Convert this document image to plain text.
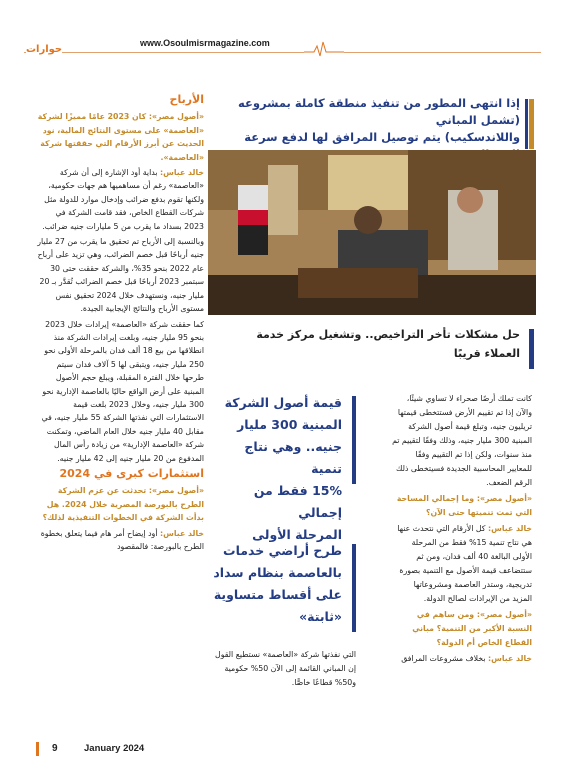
حوارات
www.Osoulmisrmagazine.com
إذا انتهى المطور من تنفيذ منطقة كاملة بمشروعه (تشمل المباني
واللاندسكيب) يتم توصيل المرافق لها لدفع سرعة
حل مشكلات تأخر التراخيص.. وتشغيل مركز خدمة
العملاء قريبًا
الأرباح

«أصول مصر»: كان 2023 عامًا مميزًا لشركة «العاصمة» على مستوى النتائج المالية، نود الحديث عن أبرز الأرقام التي حققتها شركة «العاصمة».

خالد عباس: بداية أود الإشارة إلى أن شركة «العاصمة» رغم أن مساهميها هم جهات حكومية، ولكنها تقوم بدفع ضرائب وإدخال موارد للدولة مثل شركات القطاع الخاص، فقد قامت الشركة في 2023 بسداد ما يقرب من 5 مليارات جنيه ضرائب.

وبالنسبة إلى الأرباح تم تحقيق ما يقرب من 27 مليار جنيه أرباحًا قبل خصم الضرائب، وهي تزيد على أرباح عام 2022 بنحو 35%، والشركة حققت حتى 30 سبتمبر 2023 أرباحًا قبل خصم الضرائب تُقدَّر بـ 20 مليار جنيه، ونستهدف خلال 2024 تحقيق نفس مستوى الأرباح والنتائج الإيجابية الجيدة.

كما حققت شركة «العاصمة» إيرادات خلال 2023 بنحو 95 مليار جنيه، وبلغت إيرادات الشركة منذ انطلاقها من بيع 18 ألف فدان بالمرحلة الأولى نحو 250 مليار جنيه، ويتبقى لها 5 آلاف فدان سيتم طرحها خلال الفترة المقبلة، ويبلغ حجم الأصول المبنية على أرض الواقع حاليًا بالعاصمة الإدارية نحو 300 مليار جنيه، وخلال 2023 بلغت قيمة الاستثمارات التي نفذتها الشركة 55 مليار جنيه، في مقابل 40 مليار جنيه خلال العام الماضي، وتمكنت شركة «العاصمة الإدارية» من زيادة رأس المال المدفوع من 20 مليار جنيه إلى 42 مليار جنيه.

استثمارات كبرى في 2024

«أصول مصر»: تحدثت عن عزم الشركة الطرح بالبورصة المصرية خلال 2024. هل بدأت الشركة في الخطوات التنفيذية لذلك؟

خالد عباس: أود إيضاح أمر هام فيما يتعلق بخطوة الطرح بالبورصة: فالمقصود

قيمة أصول الشركة
المبنية 300 مليار
جنيه.. وهي نتاج تنمية
15% فقط من إجمالي
المرحلة الأولى
طرح أراضي خدمات
بالعاصمة بنظام سداد
على أقساط متساوية
«ثابتة»
التي نفذتها شركة «العاصمة» نستطيع القول إن المباني القائمة إلى الآن 50% حكومية و50% قطاعًا خاصًّا.

كانت تملك أرضًا صحراء لا تساوي شيئًا، والآن إذا تم تقييم الأرض فستتخطى قيمتها تريليون جنيه، وتبلغ قيمة أصول الشركة المبنية 300 مليار جنيه، وذلك وفقًا لتقييم تم منذ سنوات، ولكن إذا تم التقييم وفقًا للمعايير المحاسبية الجديدة فسيتخطى ذلك الرقم الضعف.

«أصول مصر»: وما إجمالي المساحة التي تمت تنميتها حتى الآن؟

خالد عباس: كل الأرقام التي نتحدث عنها هي نتاج تنمية 15% فقط من المرحلة الأولى البالغة 40 ألف فدان، ومن ثم ستتضاعف قيمة الأصول مع التنمية بصورة تدريجية، وستدر العاصمة ومشروعاتها المزيد من الإيرادات لصالح الدولة.

«أصول مصر»: ومن ساهم في النسبة الأكبر من التنمية؟ مباني القطاع الخاص أم الدولة؟

خالد عباس: بخلاف مشروعات المرافق

9	January 2024
